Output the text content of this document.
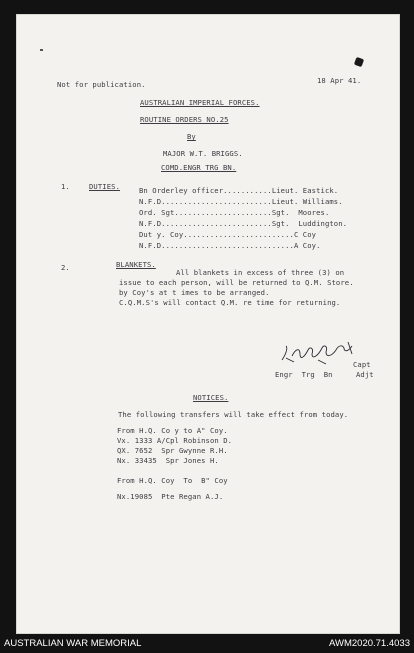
Not for publication.	18 Apr 41.
AUSTRALIAN IMPERIAL FORCES.
ROUTINE ORDERS NO.25
By
MAJOR W.T. BRIGGS.
COMD.ENGR TRG BN.
1.	DUTIES.	Bn Orderley officer...........Lieut. Eastick.
N.F.D.........................Lieut. Williams.
Ord. Sgt......................Sgt.  Moores.
N.F.D.........................Sgt.  Luddington.
Dut y. Coy.........................C Coy
N.F.D..............................A Coy.
2.	BLANKETS.
All blankets in excess of three (3) on
issue to each person, will be returned to Q.M. Store.
by Coy's at t imes to be arranged.
C.Q.M.S's will contact Q.M. re time for returning.
Capt
Engr  Trg  Bn	Adjt
NOTICES.
The following transfers will take effect from today.
From H.Q. Co y to A" Coy.
Vx. 1333 A/Cpl Robinson D.
QX. 7652  Spr Gwynne R.H.
Nx. 33435  Spr Jones H.
From H.Q. Coy  To  B" Coy
Nx.19085  Pte Regan A.J.
AUSTRALIAN WAR MEMORIAL	AWM2020.71.4033
